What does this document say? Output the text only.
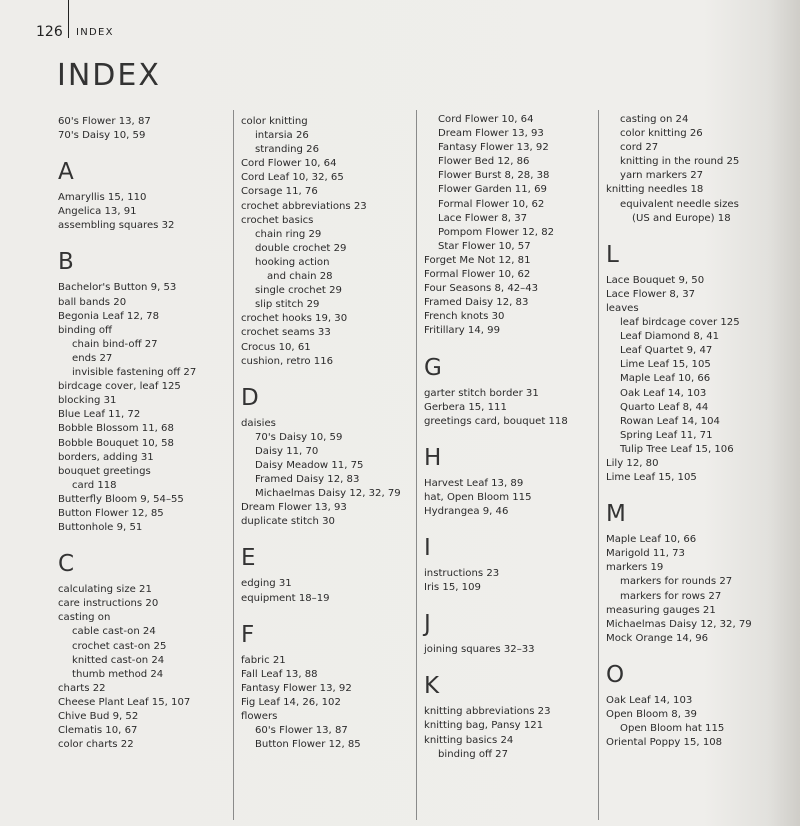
126 INDEX
INDEX
60's Flower 13, 87
70's Daisy 10, 59
A
Amaryllis 15, 110
Angelica 13, 91
assembling squares 32
B
Bachelor's Button 9, 53
ball bands 20
Begonia Leaf 12, 78
binding off
chain bind-off 27
ends 27
invisible fastening off 27
birdcage cover, leaf 125
blocking 31
Blue Leaf 11, 72
Bobble Blossom 11, 68
Bobble Bouquet 10, 58
borders, adding 31
bouquet greetings
card 118
Butterfly Bloom 9, 54–55
Button Flower 12, 85
Buttonhole 9, 51
C
calculating size 21
care instructions 20
casting on
cable cast-on 24
crochet cast-on 25
knitted cast-on 24
thumb method 24
charts 22
Cheese Plant Leaf 15, 107
Chive Bud 9, 52
Clematis 10, 67
color charts 22
color knitting
intarsia 26
stranding 26
Cord Flower 10, 64
Cord Leaf 10, 32, 65
Corsage 11, 76
crochet abbreviations 23
crochet basics
chain ring 29
double crochet 29
hooking action
and chain 28
single crochet 29
slip stitch 29
crochet hooks 19, 30
crochet seams 33
Crocus 10, 61
cushion, retro 116
D
daisies
70's Daisy 10, 59
Daisy 11, 70
Daisy Meadow 11, 75
Framed Daisy 12, 83
Michaelmas Daisy 12, 32, 79
Dream Flower 13, 93
duplicate stitch 30
E
edging 31
equipment 18–19
F
fabric 21
Fall Leaf 13, 88
Fantasy Flower 13, 92
Fig Leaf 14, 26, 102
flowers
60's Flower 13, 87
Button Flower 12, 85
Cord Flower 10, 64
Dream Flower 13, 93
Fantasy Flower 13, 92
Flower Bed 12, 86
Flower Burst 8, 28, 38
Flower Garden 11, 69
Formal Flower 10, 62
Lace Flower 8, 37
Pompom Flower 12, 82
Star Flower 10, 57
Forget Me Not 12, 81
Formal Flower 10, 62
Four Seasons 8, 42–43
Framed Daisy 12, 83
French knots 30
Fritillary 14, 99
G
garter stitch border 31
Gerbera 15, 111
greetings card, bouquet 118
H
Harvest Leaf 13, 89
hat, Open Bloom 115
Hydrangea 9, 46
I
instructions 23
Iris 15, 109
J
joining squares 32–33
K
knitting abbreviations 23
knitting bag, Pansy 121
knitting basics 24
binding off 27
casting on 24
color knitting 26
cord 27
knitting in the round 25
yarn markers 27
knitting needles 18
equivalent needle sizes
(US and Europe) 18
L
Lace Bouquet 9, 50
Lace Flower 8, 37
leaves
leaf birdcage cover 125
Leaf Diamond 8, 41
Leaf Quartet 9, 47
Lime Leaf 15, 105
Maple Leaf 10, 66
Oak Leaf 14, 103
Quarto Leaf 8, 44
Rowan Leaf 14, 104
Spring Leaf 11, 71
Tulip Tree Leaf 15, 106
Lily 12, 80
Lime Leaf 15, 105
M
Maple Leaf 10, 66
Marigold 11, 73
markers 19
markers for rounds 27
markers for rows 27
measuring gauges 21
Michaelmas Daisy 12, 32, 79
Mock Orange 14, 96
O
Oak Leaf 14, 103
Open Bloom 8, 39
Open Bloom hat 115
Oriental Poppy 15, 108
